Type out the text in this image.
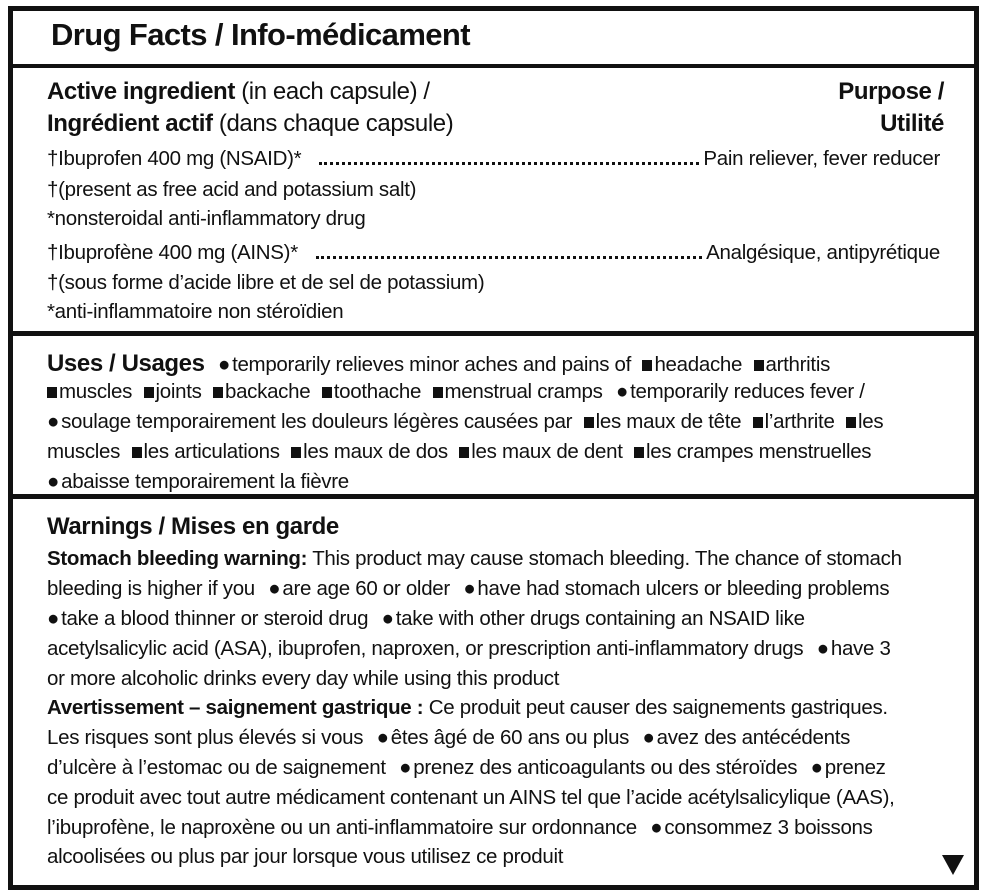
Drug Facts / Info-médicament
Active ingredient (in each capsule) /	Purpose /
Ingrédient actif (dans chaque capsule)	Utilité
†Ibuprofen 400 mg (NSAID)*	Pain reliever, fever reducer
†(present as free acid and potassium salt)
*nonsteroidal anti-inflammatory drug
†Ibuprofène 400 mg (AINS)*	Analgésique, antipyrétique
†(sous forme d’acide libre et de sel de potassium)
*anti-inflammatoire non stéroïdien
Uses / Usages ●temporarily relieves minor aches and pains of headache arthritis
muscles joints backache toothache menstrual cramps ●temporarily reduces fever /
●soulage temporairement les douleurs légères causées par les maux de tête l’arthrite les
muscles les articulations les maux de dos les maux de dent les crampes menstruelles
●abaisse temporairement la fièvre
Warnings / Mises en garde
Stomach bleeding warning: This product may cause stomach bleeding. The chance of stomach
bleeding is higher if you ●are age 60 or older ●have had stomach ulcers or bleeding problems
●take a blood thinner or steroid drug ●take with other drugs containing an NSAID like
acetylsalicylic acid (ASA), ibuprofen, naproxen, or prescription anti-inflammatory drugs ●have 3
or more alcoholic drinks every day while using this product
Avertissement – saignement gastrique : Ce produit peut causer des saignements gastriques.
Les risques sont plus élevés si vous ●êtes âgé de 60 ans ou plus ●avez des antécédents
d’ulcère à l’estomac ou de saignement ●prenez des anticoagulants ou des stéroïdes ●prenez
ce produit avec tout autre médicament contenant un AINS tel que l’acide acétylsalicylique (AAS),
l’ibuprofène, le naproxène ou un anti-inflammatoire sur ordonnance ●consommez 3 boissons
alcoolisées ou plus par jour lorsque vous utilisez ce produit
